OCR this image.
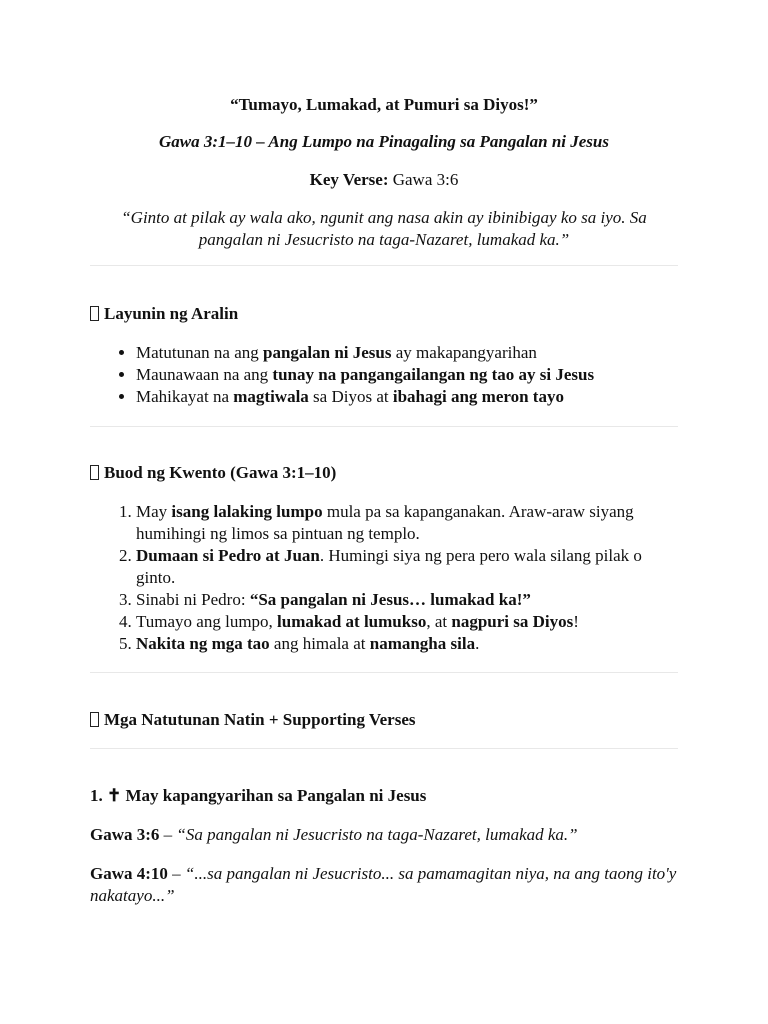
“Tumayo, Lumakad, at Pumuri sa Diyos!”

Gawa 3:1–10 – Ang Lumpo na Pinagaling sa Pangalan ni Jesus

Key Verse: Gawa 3:6

“Ginto at pilak ay wala ako, ngunit ang nasa akin ay ibinibigay ko sa iyo. Sa pangalan ni Jesucristo na taga-Nazaret, lumakad ka.”

Layunin ng Aralin

• Matutunan na ang pangalan ni Jesus ay makapangyarihan
• Maunawaan na ang tunay na pangangailangan ng tao ay si Jesus
• Mahikayat na magtiwala sa Diyos at ibahagi ang meron tayo

Buod ng Kwento (Gawa 3:1–10)

1. May isang lalaking lumpo mula pa sa kapanganakan. Araw-araw siyang humihingi ng limos sa pintuan ng templo.
2. Dumaan si Pedro at Juan. Humingi siya ng pera pero wala silang pilak o ginto.
3. Sinabi ni Pedro: “Sa pangalan ni Jesus… lumakad ka!”
4. Tumayo ang lumpo, lumakad at lumukso, at nagpuri sa Diyos!
5. Nakita ng mga tao ang himala at namangha sila.

Mga Natutunan Natin + Supporting Verses

1. ✝ May kapangyarihan sa Pangalan ni Jesus

Gawa 3:6 – “Sa pangalan ni Jesucristo na taga-Nazaret, lumakad ka.”

Gawa 4:10 – “...sa pangalan ni Jesucristo... sa pamamagitan niya, na ang taong ito'y nakatayo...”
